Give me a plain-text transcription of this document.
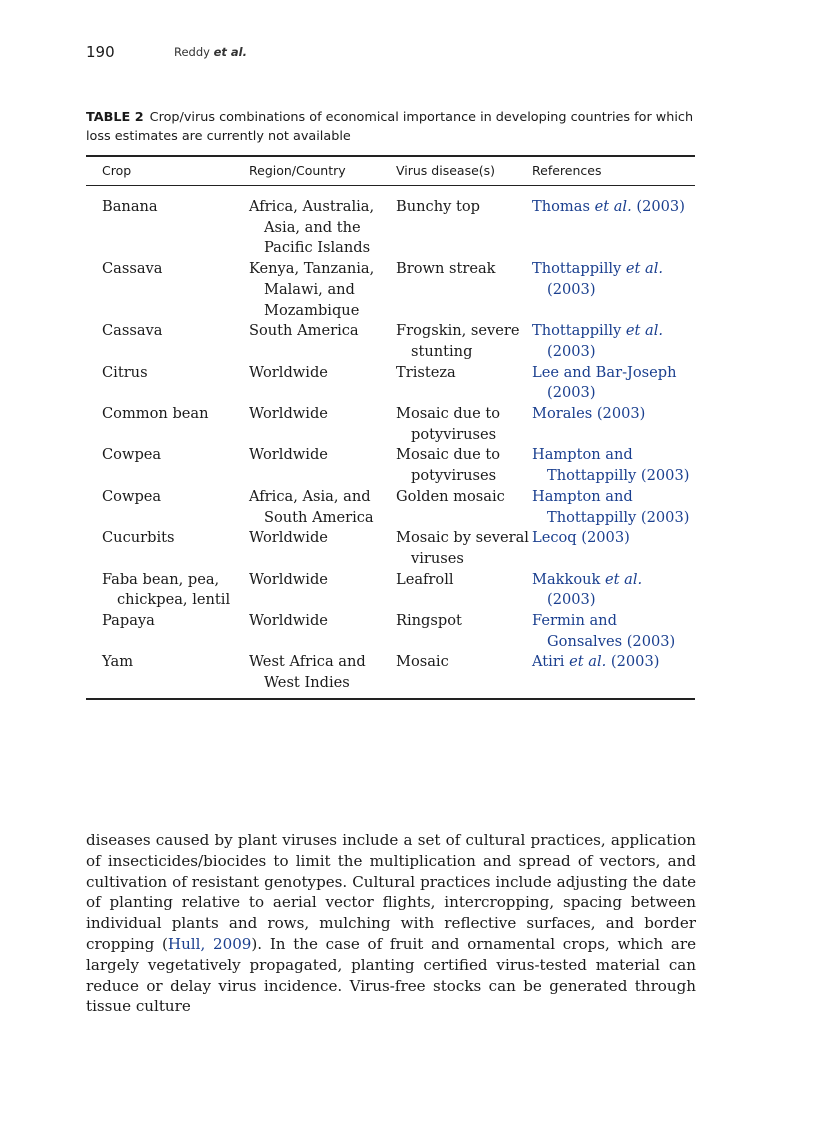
190	Reddy et al.
TABLE 2 Crop/virus combinations of economical importance in developing countries for which loss estimates are currently not available
Crop	Region/Country	Virus disease(s)	References
Banana	Africa, Australia, Asia, and the Pacific Islands	Bunchy top	Thomas et al. (2003)

Cassava	Kenya, Tanzania, Malawi, and Mozambique	Brown streak	Thottappilly et al. (2003)

Cassava	South America	Frogskin, severe stunting	Thottappilly et al. (2003)

Citrus	Worldwide	Tristeza	Lee and Bar-Joseph (2003)

Common bean	Worldwide	Mosaic due to potyviruses	Morales (2003)

Cowpea	Worldwide	Mosaic due to potyviruses	Hampton and Thottappilly (2003)

Cowpea	Africa, Asia, and South America	Golden mosaic	Hampton and Thottappilly (2003)

Cucurbits	Worldwide	Mosaic by several viruses	Lecoq (2003)

Faba bean, pea, chickpea, lentil	Worldwide	Leafroll	Makkouk et al. (2003)

Papaya	Worldwide	Ringspot	Fermin and Gonsalves (2003)

Yam	West Africa and West Indies	Mosaic	Atiri et al. (2003)
diseases caused by plant viruses include a set of cultural practices, application of insecticides/biocides to limit the multiplication and spread of vectors, and cultivation of resistant genotypes. Cultural practices include adjusting the date of planting relative to aerial vector flights, intercropping, spacing between individual plants and rows, mulching with reflective surfaces, and border cropping (Hull, 2009). In the case of fruit and ornamental crops, which are largely vegetatively propagated, planting certified virus-tested material can reduce or delay virus incidence. Virus-free stocks can be generated through tissue culture
